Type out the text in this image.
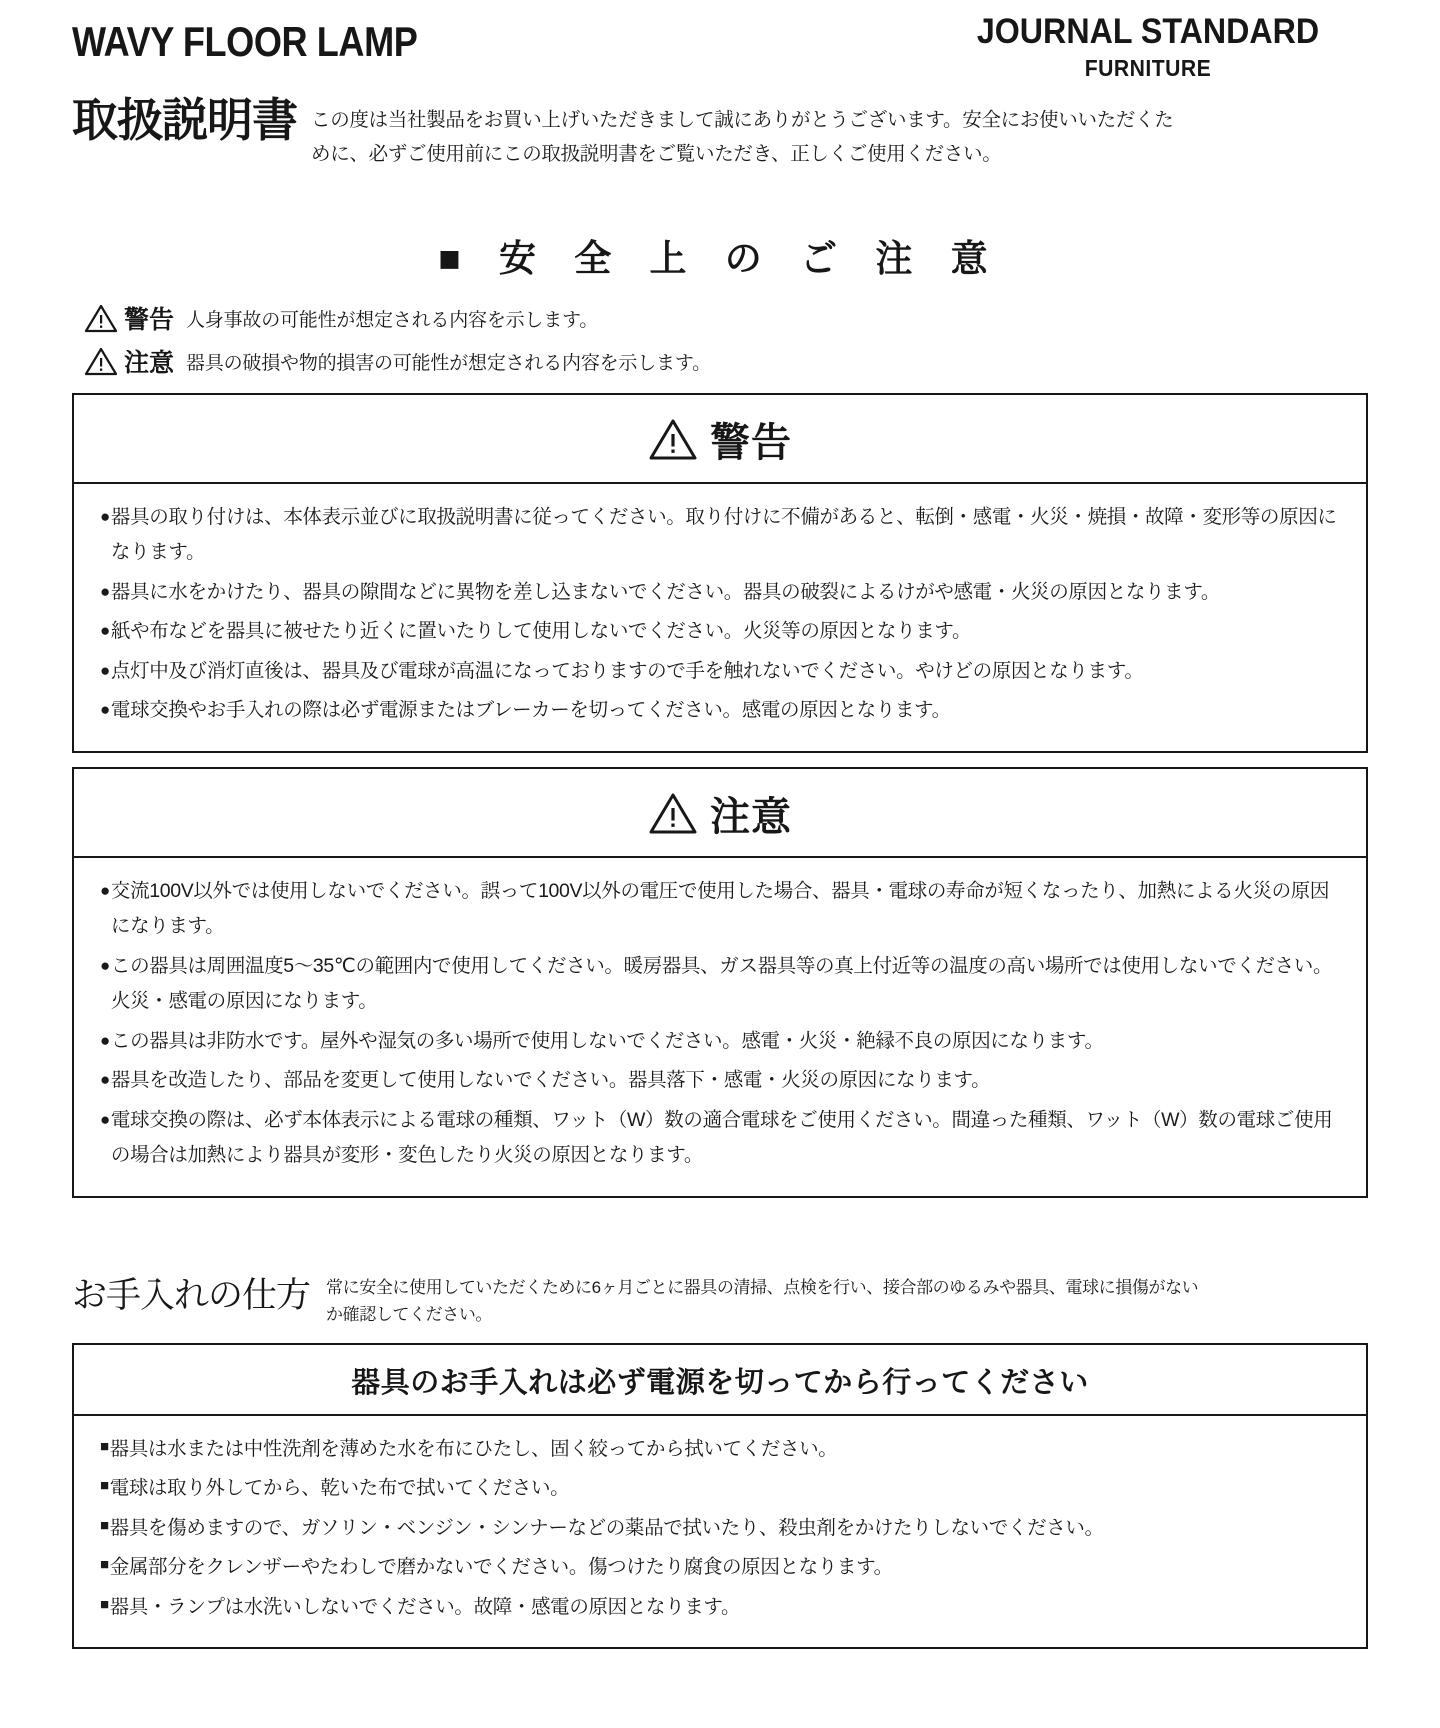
WAVY FLOOR LAMP	JOURNAL STANDARD
FURNITURE
取扱説明書 この度は当社製品をお買い上げいただきまして誠にありがとうございます。安全にお使いいただくために、必ずご使用前にこの取扱説明書をご覧いただき、正しくご使用ください。
■ 安 全 上 の ご 注 意
警告 人身事故の可能性が想定される内容を示します。
注意 器具の破損や物的損害の可能性が想定される内容を示します。
警告
● 器具の取り付けは、本体表示並びに取扱説明書に従ってください。取り付けに不備があると、転倒・感電・火災・焼損・故障・変形等の原因になります。
● 器具に水をかけたり、器具の隙間などに異物を差し込まないでください。器具の破裂によるけがや感電・火災の原因となります。
● 紙や布などを器具に被せたり近くに置いたりして使用しないでください。火災等の原因となります。
● 点灯中及び消灯直後は、器具及び電球が高温になっておりますので手を触れないでください。やけどの原因となります。
● 電球交換やお手入れの際は必ず電源またはブレーカーを切ってください。感電の原因となります。
注意
● 交流100V以外では使用しないでください。誤って100V以外の電圧で使用した場合、器具・電球の寿命が短くなったり、加熱による火災の原因になります。
● この器具は周囲温度5〜35℃の範囲内で使用してください。暖房器具、ガス器具等の真上付近等の温度の高い場所では使用しないでください。火災・感電の原因になります。
● この器具は非防水です。屋外や湿気の多い場所で使用しないでください。感電・火災・絶縁不良の原因になります。
● 器具を改造したり、部品を変更して使用しないでください。器具落下・感電・火災の原因になります。
● 電球交換の際は、必ず本体表示による電球の種類、ワット（W）数の適合電球をご使用ください。間違った種類、ワット（W）数の電球ご使用の場合は加熱により器具が変形・変色したり火災の原因となります。
お手入れの仕方 常に安全に使用していただくために6ヶ月ごとに器具の清掃、点検を行い、接合部のゆるみや器具、電球に損傷がないか確認してください。
器具のお手入れは必ず電源を切ってから行ってください
■ 器具は水または中性洗剤を薄めた水を布にひたし、固く絞ってから拭いてください。
■ 電球は取り外してから、乾いた布で拭いてください。
■ 器具を傷めますので、ガソリン・ベンジン・シンナーなどの薬品で拭いたり、殺虫剤をかけたりしないでください。
■ 金属部分をクレンザーやたわしで磨かないでください。傷つけたり腐食の原因となります。
■ 器具・ランプは水洗いしないでください。故障・感電の原因となります。
